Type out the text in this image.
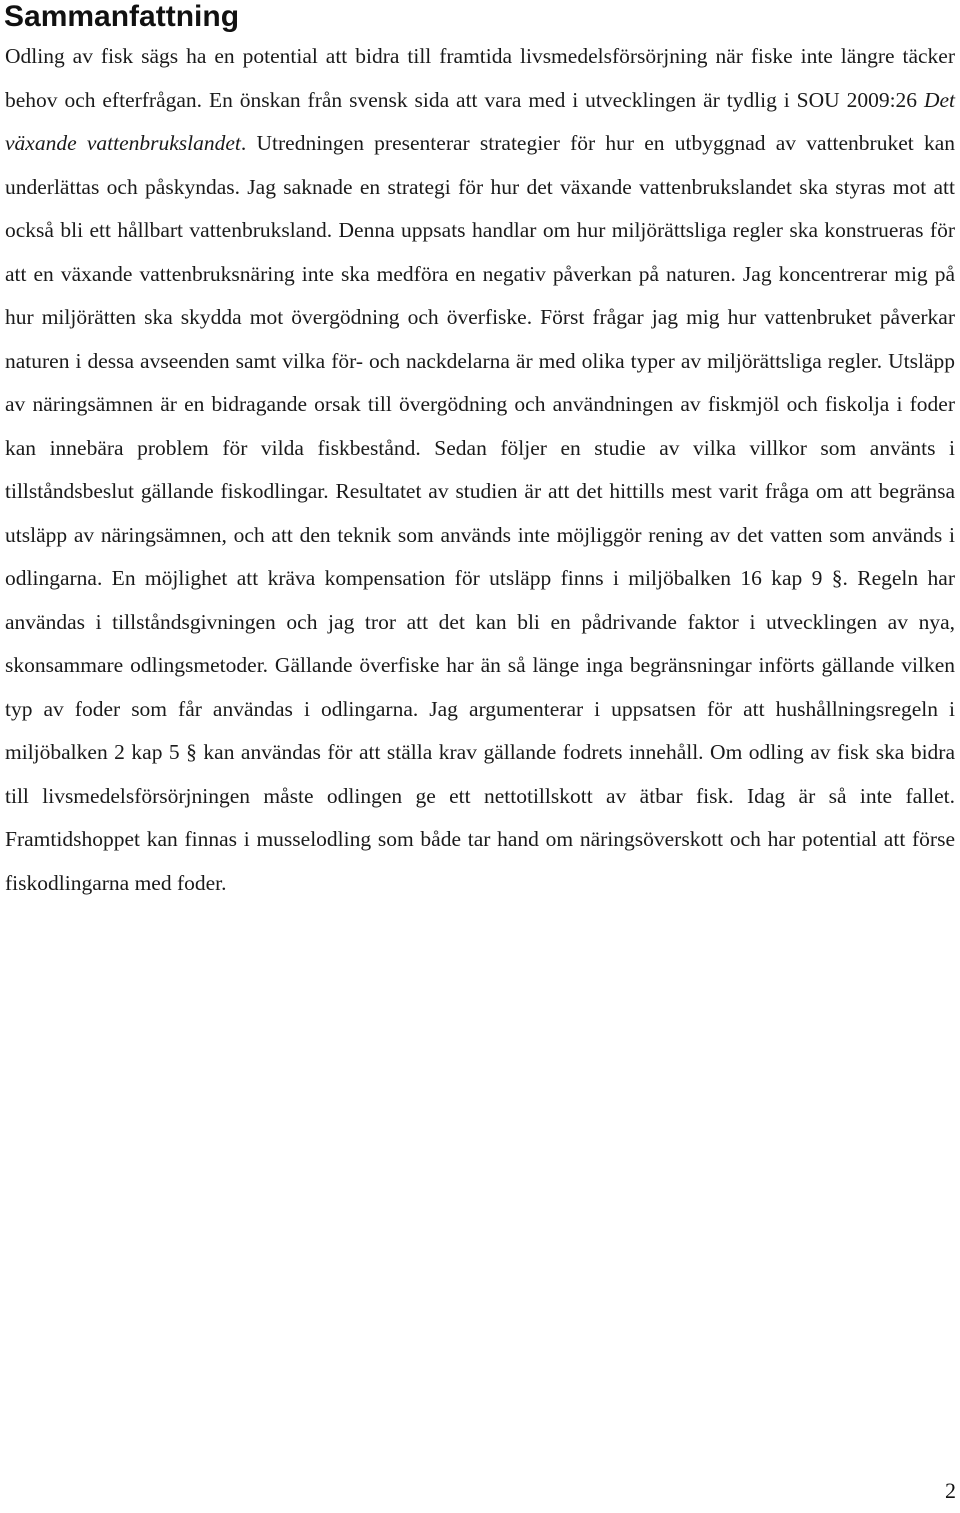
Sammanfattning

Odling av fisk sägs ha en potential att bidra till framtida livsmedelsförsörjning när fiske inte längre täcker behov och efterfrågan. En önskan från svensk sida att vara med i utvecklingen är tydlig i SOU 2009:26 Det växande vattenbrukslandet. Utredningen presenterar strategier för hur en utbyggnad av vattenbruket kan underlättas och påskyndas. Jag saknade en strategi för hur det växande vattenbrukslandet ska styras mot att också bli ett hållbart vattenbruksland. Denna uppsats handlar om hur miljörättsliga regler ska konstrueras för att en växande vattenbruksnäring inte ska medföra en negativ påverkan på naturen. Jag koncentrerar mig på hur miljörätten ska skydda mot övergödning och överfiske. Först frågar jag mig hur vattenbruket påverkar naturen i dessa avseenden samt vilka för- och nackdelarna är med olika typer av miljörättsliga regler. Utsläpp av näringsämnen är en bidragande orsak till övergödning och användningen av fiskmjöl och fiskolja i foder kan innebära problem för vilda fiskbestånd. Sedan följer en studie av vilka villkor som använts i tillståndsbeslut gällande fiskodlingar. Resultatet av studien är att det hittills mest varit fråga om att begränsa utsläpp av näringsämnen, och att den teknik som används inte möjliggör rening av det vatten som används i odlingarna. En möjlighet att kräva kompensation för utsläpp finns i miljöbalken 16 kap 9 §. Regeln har användas i tillståndsgivningen och jag tror att det kan bli en pådrivande faktor i utvecklingen av nya, skonsammare odlingsmetoder. Gällande överfiske har än så länge inga begränsningar införts gällande vilken typ av foder som får användas i odlingarna. Jag argumenterar i uppsatsen för att hushållningsregeln i miljöbalken 2 kap 5 § kan användas för att ställa krav gällande fodrets innehåll. Om odling av fisk ska bidra till livsmedelsförsörjningen måste odlingen ge ett nettotillskott av ätbar fisk. Idag är så inte fallet. Framtidshoppet kan finnas i musselodling som både tar hand om näringsöverskott och har potential att förse fiskodlingarna med foder.

2
